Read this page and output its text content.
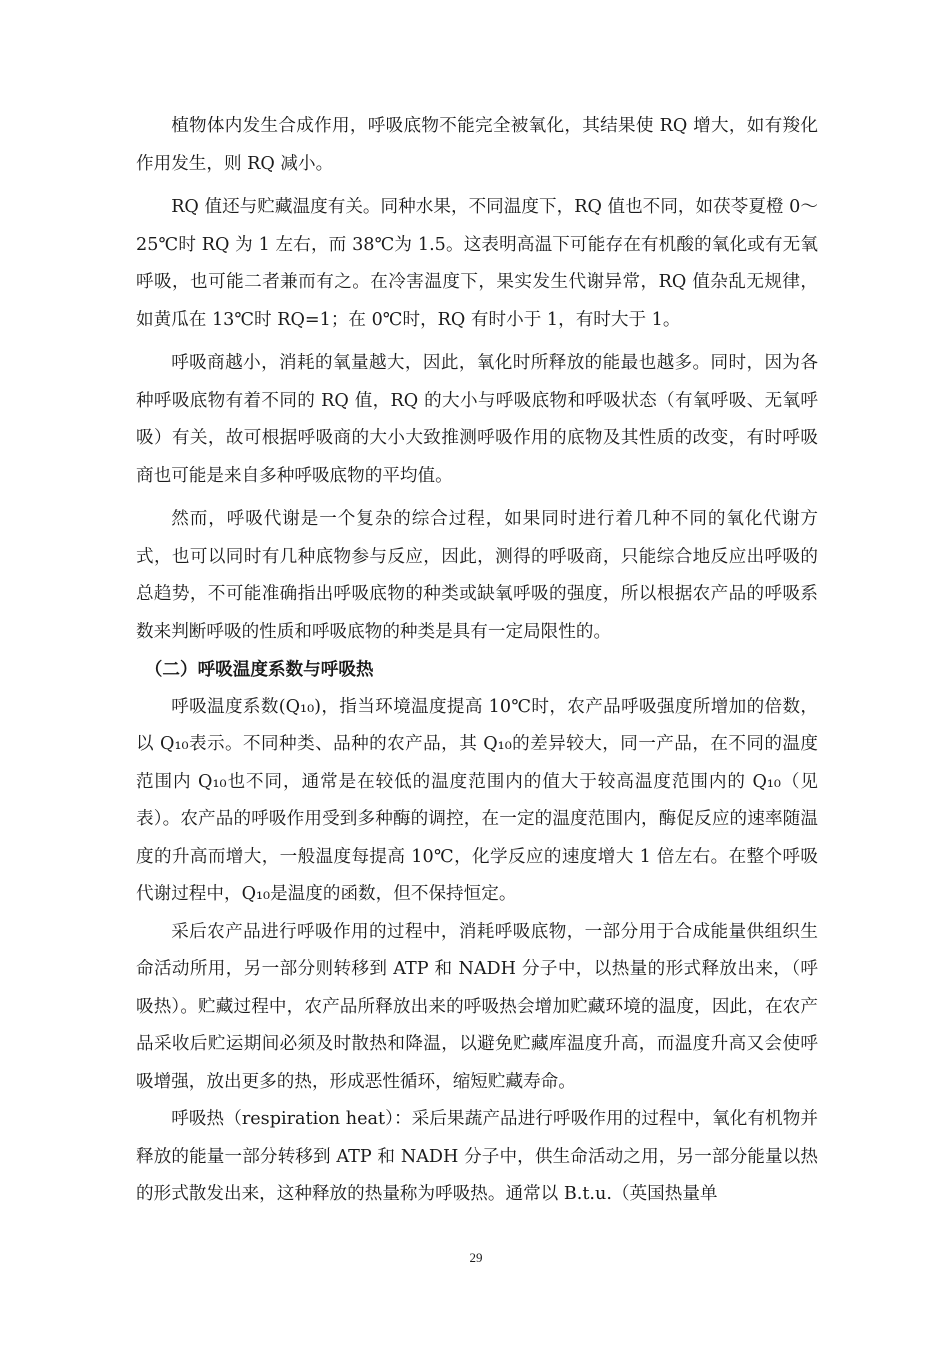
植物体内发生合成作用，呼吸底物不能完全被氧化，其结果使 RQ 增大，如有羧化作用发生，则 RQ 减小。

RQ 值还与贮藏温度有关。同种水果，不同温度下，RQ 值也不同，如茯苓夏橙 0～25℃时 RQ 为 1 左右，而 38℃为 1.5。这表明高温下可能存在有机酸的氧化或有无氧呼吸，也可能二者兼而有之。在冷害温度下，果实发生代谢异常，RQ 值杂乱无规律，如黄瓜在 13℃时 RQ=1；在 0℃时，RQ 有时小于 1，有时大于 1。

呼吸商越小，消耗的氧量越大，因此，氧化时所释放的能最也越多。同时，因为各种呼吸底物有着不同的 RQ 值，RQ 的大小与呼吸底物和呼吸状态（有氧呼吸、无氧呼吸）有关，故可根据呼吸商的大小大致推测呼吸作用的底物及其性质的改变，有时呼吸商也可能是来自多种呼吸底物的平均值。

然而，呼吸代谢是一个复杂的综合过程，如果同时进行着几种不同的氧化代谢方式，也可以同时有几种底物参与反应，因此，测得的呼吸商，只能综合地反应出呼吸的总趋势，不可能准确指出呼吸底物的种类或缺氧呼吸的强度，所以根据农产品的呼吸系数来判断呼吸的性质和呼吸底物的种类是具有一定局限性的。

（二）呼吸温度系数与呼吸热

呼吸温度系数(Q₁₀)，指当环境温度提高 10℃时，农产品呼吸强度所增加的倍数，以 Q₁₀表示。不同种类、品种的农产品，其 Q₁₀的差异较大，同一产品，在不同的温度范围内 Q₁₀也不同，通常是在较低的温度范围内的值大于较高温度范围内的 Q₁₀（见表）。农产品的呼吸作用受到多种酶的调控，在一定的温度范围内，酶促反应的速率随温度的升高而增大，一般温度每提高 10℃，化学反应的速度增大 1 倍左右。在整个呼吸代谢过程中，Q₁₀是温度的函数，但不保持恒定。

采后农产品进行呼吸作用的过程中，消耗呼吸底物，一部分用于合成能量供组织生命活动所用，另一部分则转移到 ATP 和 NADH 分子中，以热量的形式释放出来，（呼吸热）。贮藏过程中，农产品所释放出来的呼吸热会增加贮藏环境的温度，因此，在农产品采收后贮运期间必须及时散热和降温，以避免贮藏库温度升高，而温度升高又会使呼吸增强，放出更多的热，形成恶性循环，缩短贮藏寿命。

呼吸热（respiration heat）：采后果蔬产品进行呼吸作用的过程中，氧化有机物并释放的能量一部分转移到 ATP 和 NADH 分子中，供生命活动之用，另一部分能量以热的形式散发出来，这种释放的热量称为呼吸热。通常以 B.t.u.（英国热量单

29
